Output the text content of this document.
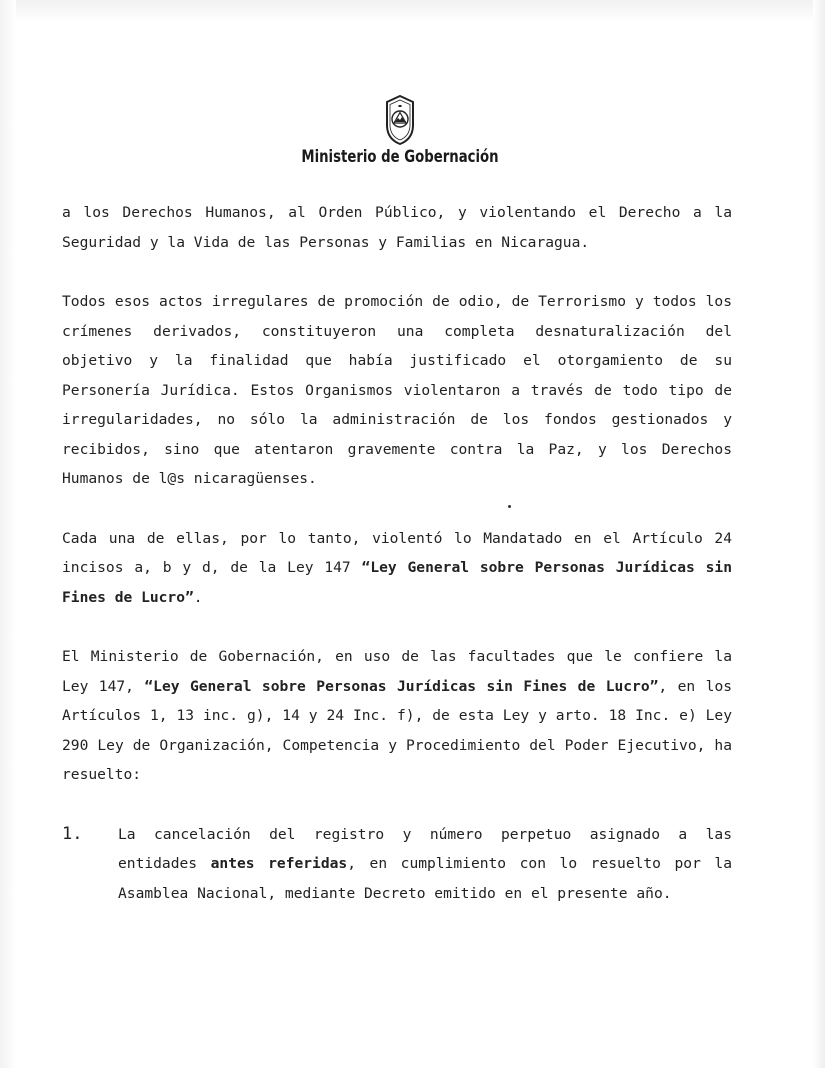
Ministerio de Gobernación

a los Derechos Humanos, al Orden Público, y violentando el Derecho a la Seguridad y la Vida de las Personas y Familias en Nicaragua.

Todos esos actos irregulares de promoción de odio, de Terrorismo y todos los crímenes derivados, constituyeron una completa desnaturalización del objetivo y la finalidad que había justificado el otorgamiento de su Personería Jurídica. Estos Organismos violentaron a través de todo tipo de irregularidades, no sólo la administración de los fondos gestionados y recibidos, sino que atentaron gravemente contra la Paz, y los Derechos Humanos de l@s nicaragüenses.

Cada una de ellas, por lo tanto, violentó lo Mandatado en el Artículo 24 incisos a, b y d, de la Ley 147 “Ley General sobre Personas Jurídicas sin Fines de Lucro”.

El Ministerio de Gobernación, en uso de las facultades que le confiere la Ley 147, “Ley General sobre Personas Jurídicas sin Fines de Lucro”, en los Artículos 1, 13 inc. g), 14 y 24 Inc. f), de esta Ley y arto. 18 Inc. e) Ley 290 Ley de Organización, Competencia y Procedimiento del Poder Ejecutivo, ha resuelto:

1.	La cancelación del registro y número perpetuo asignado a las entidades antes referidas, en cumplimiento con lo resuelto por la Asamblea Nacional, mediante Decreto emitido en el presente año.
